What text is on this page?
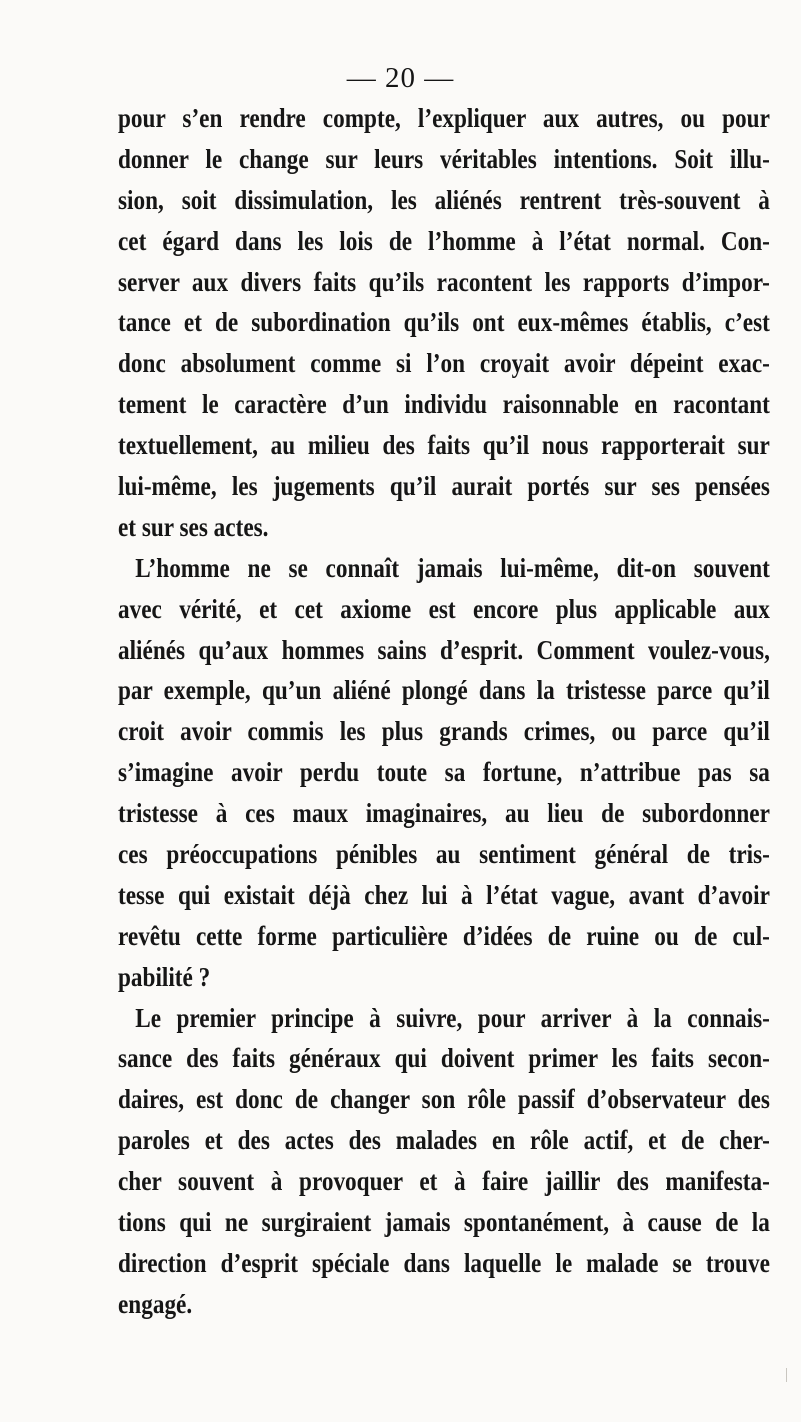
— 20 —
pour s’en rendre compte, l’expliquer aux autres, ou pour
donner le change sur leurs véritables intentions. Soit illu-
sion, soit dissimulation, les aliénés rentrent très-souvent à
cet égard dans les lois de l’homme à l’état normal. Con-
server aux divers faits qu’ils racontent les rapports d’impor-
tance et de subordination qu’ils ont eux-mêmes établis, c’est
donc absolument comme si l’on croyait avoir dépeint exac-
tement le caractère d’un individu raisonnable en racontant
textuellement, au milieu des faits qu’il nous rapporterait sur
lui-même, les jugements qu’il aurait portés sur ses pensées
et sur ses actes.
L’homme ne se connaît jamais lui-même, dit-on souvent
avec vérité, et cet axiome est encore plus applicable aux
aliénés qu’aux hommes sains d’esprit. Comment voulez-vous,
par exemple, qu’un aliéné plongé dans la tristesse parce qu’il
croit avoir commis les plus grands crimes, ou parce qu’il
s’imagine avoir perdu toute sa fortune, n’attribue pas sa
tristesse à ces maux imaginaires, au lieu de subordonner
ces préoccupations pénibles au sentiment général de tris-
tesse qui existait déjà chez lui à l’état vague, avant d’avoir
revêtu cette forme particulière d’idées de ruine ou de cul-
pabilité ?
Le premier principe à suivre, pour arriver à la connais-
sance des faits généraux qui doivent primer les faits secon-
daires, est donc de changer son rôle passif d’observateur des
paroles et des actes des malades en rôle actif, et de cher-
cher souvent à provoquer et à faire jaillir des manifesta-
tions qui ne surgiraient jamais spontanément, à cause de la
direction d’esprit spéciale dans laquelle le malade se trouve
engagé.
